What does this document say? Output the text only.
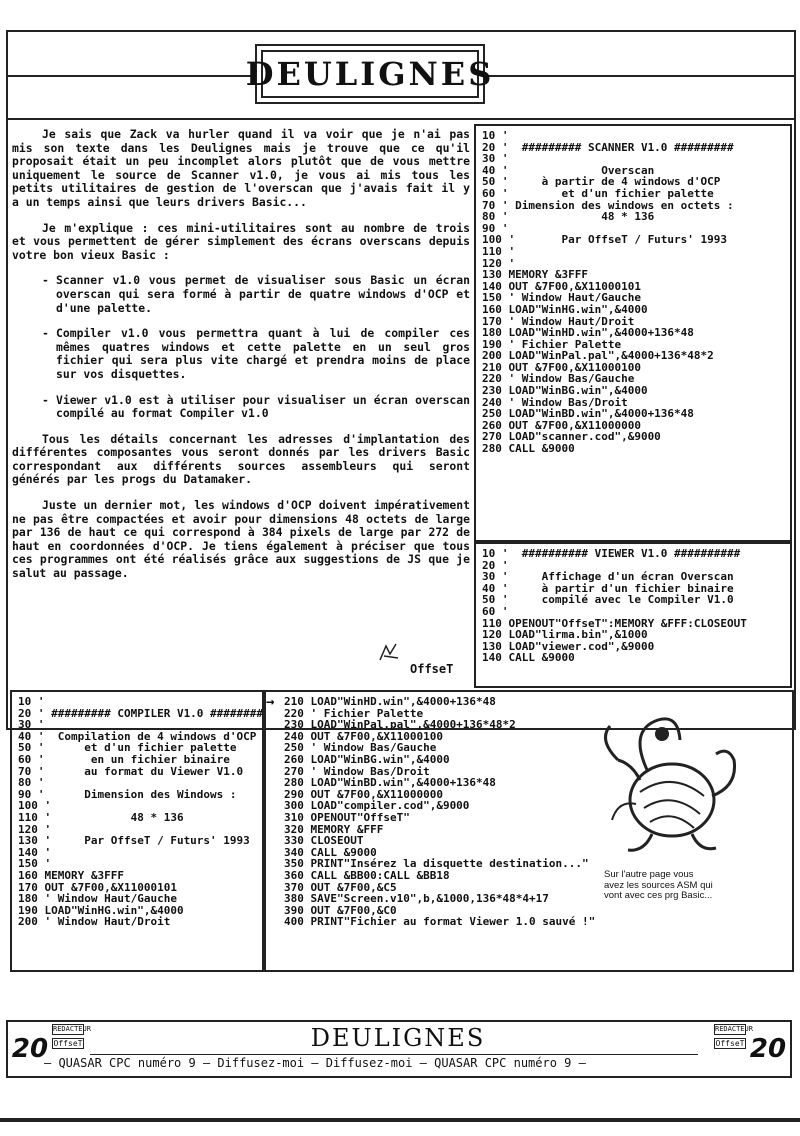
DEULIGNES

Je sais que Zack va hurler quand il va voir que je n'ai pas mis son texte dans les Deulignes mais je trouve que ce qu'il proposait était un peu incomplet alors plutôt que de vous mettre uniquement le source de Scanner v1.0, je vous ai mis tous les petits utilitaires de gestion de l'overscan que j'avais fait il y a un temps ainsi que leurs drivers Basic...

Je m'explique : ces mini-utilitaires sont au nombre de trois et vous permettent de gérer simplement des écrans overscans depuis votre bon vieux Basic :

- Scanner v1.0 vous permet de visualiser sous Basic un écran overscan qui sera formé à partir de quatre windows d'OCP et d'une palette.
- Compiler v1.0 vous permettra quant à lui de compiler ces mêmes quatres windows et cette palette en un seul gros fichier qui sera plus vite chargé et prendra moins de place sur vos disquettes.
- Viewer v1.0 est à utiliser pour visualiser un écran overscan compilé au format Compiler v1.0

Tous les détails concernant les adresses d'implantation des différentes composantes vous seront donnés par les drivers Basic correspondant aux différents sources assembleurs qui seront générés par les progs du Datamaker.

Juste un dernier mot, les windows d'OCP doivent impérativement ne pas être compactées et avoir pour dimensions 48 octets de large par 136 de haut ce qui correspond à 384 pixels de large par 272 de haut en coordonnées d'OCP. Je tiens également à préciser que tous ces programmes ont été réalisés grâce aux suggestions de JS que je salut au passage.

OffseT
10 '
20 '  ######### SCANNER V1.0 #########
30 '
40 '              Overscan
50 '     à partir de 4 windows d'OCP
60 '        et d'un fichier palette
70 ' Dimension des windows en octets :
80 '              48 * 136
90 '
100 '       Par OffseT / Futurs' 1993
110 '
120 '
130 MEMORY &3FFF
140 OUT &7F00,&X11000101
150 ' Window Haut/Gauche
160 LOAD"WinHG.win",&4000
170 ' Window Haut/Droit
180 LOAD"WinHD.win",&4000+136*48
190 ' Fichier Palette
200 LOAD"WinPal.pal",&4000+136*48*2
210 OUT &7F00,&X11000100
220 ' Window Bas/Gauche
230 LOAD"WinBG.win",&4000
240 ' Window Bas/Droit
250 LOAD"WinBD.win",&4000+136*48
260 OUT &7F00,&X11000000
270 LOAD"scanner.cod",&9000
280 CALL &9000
10 '  ########## VIEWER V1.0 ##########
20 '
30 '     Affichage d'un écran Overscan
40 '     à partir d'un fichier binaire
50 '     compilé avec le Compiler V1.0
60 '
110 OPENOUT"OffseT":MEMORY &FFF:CLOSEOUT
120 LOAD"lirma.bin",&1000
130 LOAD"viewer.cod",&9000
140 CALL &9000
10 '
20 ' ######### COMPILER V1.0 ########
30 '
40 '  Compilation de 4 windows d'OCP
50 '      et d'un fichier palette
60 '       en un fichier binaire
70 '      au format du Viewer V1.0
80 '
90 '      Dimension des Windows :
100 '
110 '            48 * 136
120 '
130 '     Par OffseT / Futurs' 1993
140 '
150 '
160 MEMORY &3FFF
170 OUT &7F00,&X11000101
180 ' Window Haut/Gauche
190 LOAD"WinHG.win",&4000
200 ' Window Haut/Droit
210 LOAD"WinHD.win",&4000+136*48
220 ' Fichier Palette
230 LOAD"WinPal.pal",&4000+136*48*2
240 OUT &7F00,&X11000100
250 ' Window Bas/Gauche
260 LOAD"WinBG.win",&4000
270 ' Window Bas/Droit
280 LOAD"WinBD.win",&4000+136*48
290 OUT &7F00,&X11000000
300 LOAD"compiler.cod",&9000
310 OPENOUT"OffseT"
320 MEMORY &FFF
330 CLOSEOUT
340 CALL &9000
350 PRINT"Insérez la disquette destination..."
360 CALL &BB00:CALL &BB18
370 OUT &7F00,&C5
380 SAVE"Screen.v10",b,&1000,136*48*4+17
390 OUT &7F00,&C0
400 PRINT"Fichier au format Viewer 1.0 sauvé !"
→
Sur l'autre page vous avez les sources ASM qui vont avec ces prg Basic...
20
REDACTEUR
OffseT	DEULIGNES
— QUASAR CPC numéro 9 — Diffusez-moi — Diffusez-moi — QUASAR CPC numéro 9 —
REDACTEUR
OffseT 20
